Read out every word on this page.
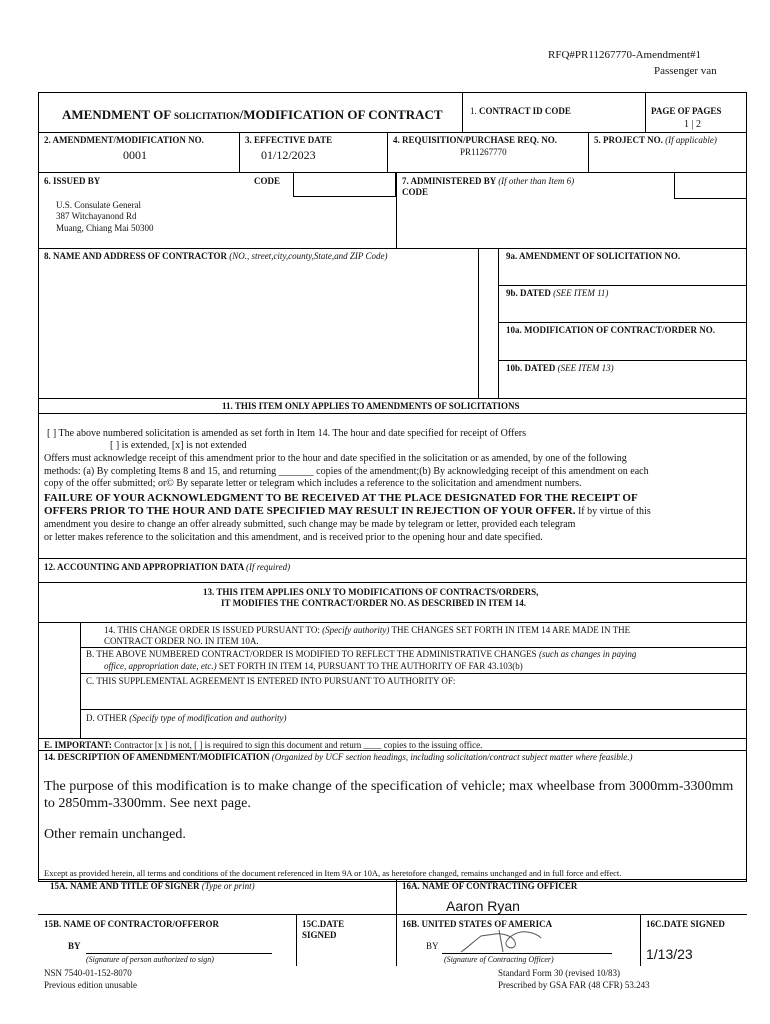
RFQ#PR11267770-Amendment#1
Passenger van
AMENDMENT OF SOLICITATION/MODIFICATION OF CONTRACT	1. CONTRACT ID CODE	PAGE OF PAGES
1 | 2
2. AMENDMENT/MODIFICATION NO.
0001
3. EFFECTIVE DATE
01/12/2023
4. REQUISITION/PURCHASE REQ. NO.
PR11267770
5. PROJECT NO. (If applicable)
6. ISSUED BY	CODE
U.S. Consulate General
387 Witchayanond Rd
Muang, Chiang Mai 50300
7. ADMINISTERED BY (If other than Item 6)
CODE
8. NAME AND ADDRESS OF CONTRACTOR (NO., street,city,county,State,and ZIP Code)	9a. AMENDMENT OF SOLICITATION NO.
9b. DATED (SEE ITEM 11)
10a. MODIFICATION OF CONTRACT/ORDER NO.
10b. DATED (SEE ITEM 13)
11. THIS ITEM ONLY APPLIES TO AMENDMENTS OF SOLICITATIONS
[ ] The above numbered solicitation is amended as set forth in Item 14. The hour and date specified for receipt of Offers
[ ] is extended, [x] is not extended
Offers must acknowledge receipt of this amendment prior to the hour and date specified in the solicitation or as amended, by one of the following
methods: (a) By completing Items 8 and 15, and returning _______ copies of the amendment;(b) By acknowledging receipt of this amendment on each
copy of the offer submitted; or© By separate letter or telegram which includes a reference to the solicitation and amendment numbers.
FAILURE OF YOUR ACKNOWLEDGMENT TO BE RECEIVED AT THE PLACE DESIGNATED FOR THE RECEIPT OF
OFFERS PRIOR TO THE HOUR AND DATE SPECIFIED MAY RESULT IN REJECTION OF YOUR OFFER. If by virtue of this
amendment you desire to change an offer already submitted, such change may be made by telegram or letter, provided each telegram
or letter makes reference to the solicitation and this amendment, and is received prior to the opening hour and date specified.
12. ACCOUNTING AND APPROPRIATION DATA (If required)
13. THIS ITEM APPLIES ONLY TO MODIFICATIONS OF CONTRACTS/ORDERS,
IT MODIFIES THE CONTRACT/ORDER NO. AS DESCRIBED IN ITEM 14.
14. THIS CHANGE ORDER IS ISSUED PURSUANT TO: (Specify authority) THE CHANGES SET FORTH IN ITEM 14 ARE MADE IN THE
CONTRACT ORDER NO. IN ITEM 10A.
B. THE ABOVE NUMBERED CONTRACT/ORDER IS MODIFIED TO REFLECT THE ADMINISTRATIVE CHANGES (such as changes in paying
office, appropriation date, etc.) SET FORTH IN ITEM 14, PURSUANT TO THE AUTHORITY OF FAR 43.103(b)
C. THIS SUPPLEMENTAL AGREEMENT IS ENTERED INTO PURSUANT TO AUTHORITY OF:
D. OTHER (Specify type of modification and authority)
E. IMPORTANT: Contractor [x ] is not, [ ] is required to sign this document and return ____ copies to the issuing office.
14. DESCRIPTION OF AMENDMENT/MODIFICATION (Organized by UCF section headings, including solicitation/contract subject matter where feasible.)
The purpose of this modification is to make change of the specification of vehicle; max wheelbase from 3000mm-3300mm
to 2850mm-3300mm. See next page.
Other remain unchanged.
Except as provided herein, all terms and conditions of the document referenced in Item 9A or 10A, as heretofore changed, remains unchanged and in full force and effect.
15A. NAME AND TITLE OF SIGNER (Type or print)	16A. NAME OF CONTRACTING OFFICER
Aaron Ryan
15B. NAME OF CONTRACTOR/OFFEROR	15C.DATE
SIGNED
16B. UNITED STATES OF AMERICA	16C.DATE SIGNED
1/13/23
BY
(Signature of person authorized to sign)
BY
(Signature of Contracting Officer)
NSN 7540-01-152-8070
Previous edition unusable
Standard Form 30 (revised 10/83)
Prescribed by GSA FAR (48 CFR) 53.243
